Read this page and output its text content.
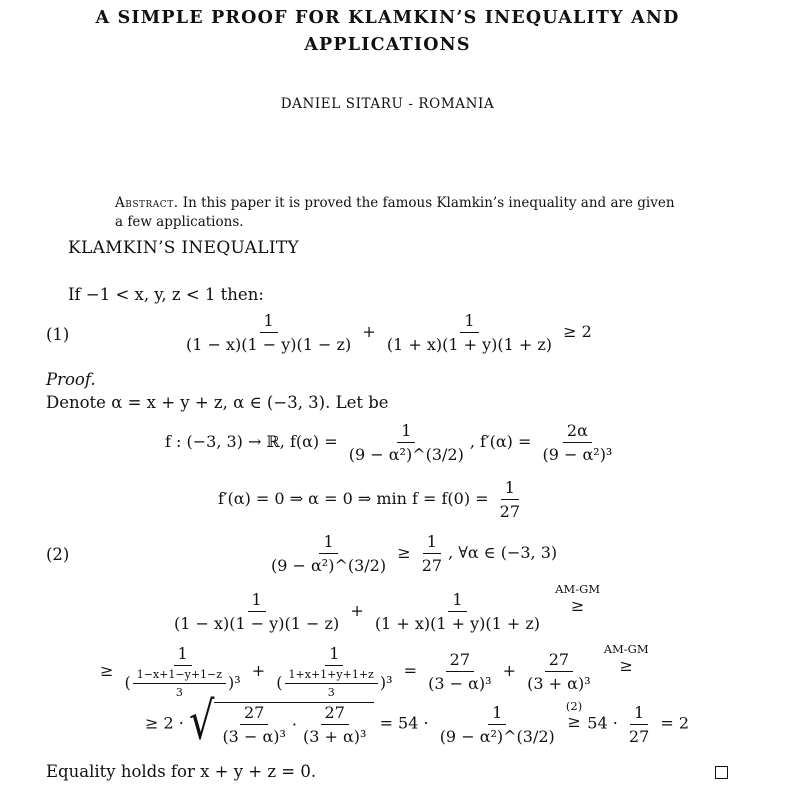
A SIMPLE PROOF FOR KLAMKIN’S INEQUALITY AND
APPLICATIONS
DANIEL SITARU - ROMANIA
Abstract. In this paper it is proved the famous Klamkin’s inequality and are given a few applications.
KLAMKIN’S INEQUALITY
If −1 < x, y, z < 1 then:
(1)	$\frac{1}{(1 - x)(1 - y)(1 - z)} + \frac{1}{(1 + x)(1 + y)(1 + z)} \ge 2$
Proof.
Denote α = x + y + z, α ∈ (−3, 3). Let be
f : (−3, 3) → ℝ, $f(\alpha) = \frac{1}{\text{(9 − α²)\textasciicircum{}(3/2)}}$ , $f'(\alpha) = \frac{2\alpha}{\text{(9 − α²)³}}$
f′(α) = 0 ⇒ α = 0 ⇒ $\min f = f(0) = \frac{1}{27}$
(2)	$\frac{1}{\text{(9 − α²)\textasciicircum{}(3/2)}} \ge \frac{1}{27}$ , ∀α ∈ (−3, 3)
$\frac{1}{(1 - x)(1 - y)(1 - z)} + \frac{1}{(1 + x)(1 + y)(1 + z)}$

AM-GM
≥
≥ $\frac{1}{( \frac{1-x+1-y+1-z}{3} )^3} + \frac{1}{( \frac{1+x+1+y+1+z}{3} )^3} = \frac{27}{\text{(3 − α)³}} + \frac{27}{\text{(3 + α)³}}$

AM-GM
≥
≥ 2 · √ $\frac{27}{\text{(3 − α)³}} \cdot \frac{27}{\text{(3 + α)³}} = 54 \cdot \frac{1}{\text{(9 − α²)\textasciicircum{}(3/2)}}$
(2)
≥ $54 \cdot \frac{1}{27} = 2$
Equality holds for x + y + z = 0.
